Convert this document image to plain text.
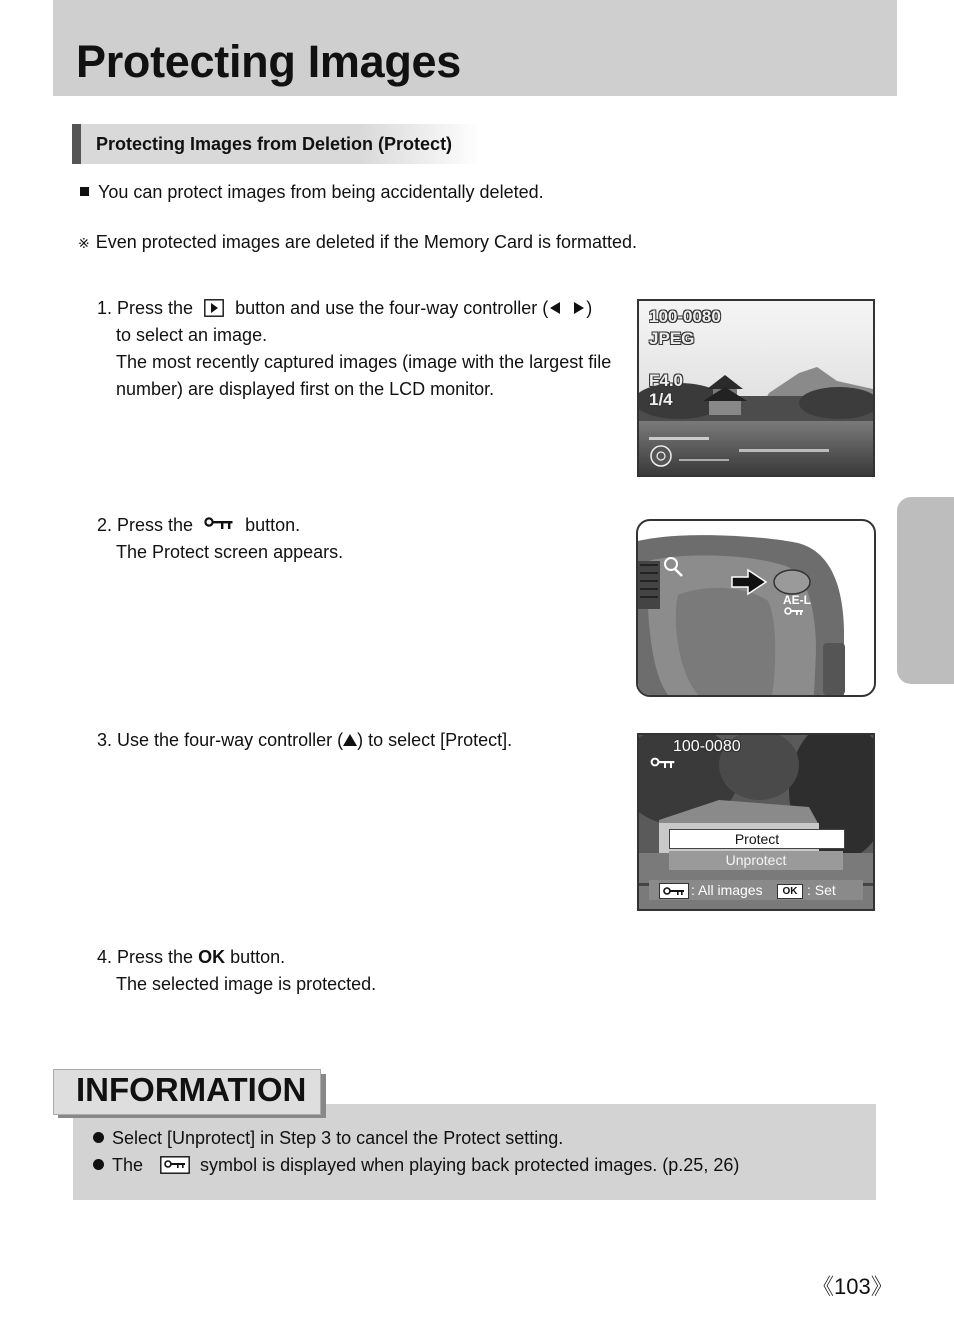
Protecting Images
Protecting Images from Deletion (Protect)
You can protect images from being accidentally deleted.
※ Even protected images are deleted if the Memory Card is formatted.
1. Press the button and use the four-way controller ( )
to select an image.
The most recently captured images (image with the largest file
number) are displayed first on the LCD monitor.
100-0080
JPEG
F4.0
1/4
2. Press the	button.
The Protect screen appears.
AE-L
3. Use the four-way controller ( ) to select [Protect].	100-0080
Protect
Unprotect
: All images	OK : Set
4. Press the OK button.
The selected image is protected.
INFORMATION
Select [Unprotect] in Step 3 to cancel the Protect setting.
The	symbol is displayed when playing back protected images. (p.25, 26)
《103》
